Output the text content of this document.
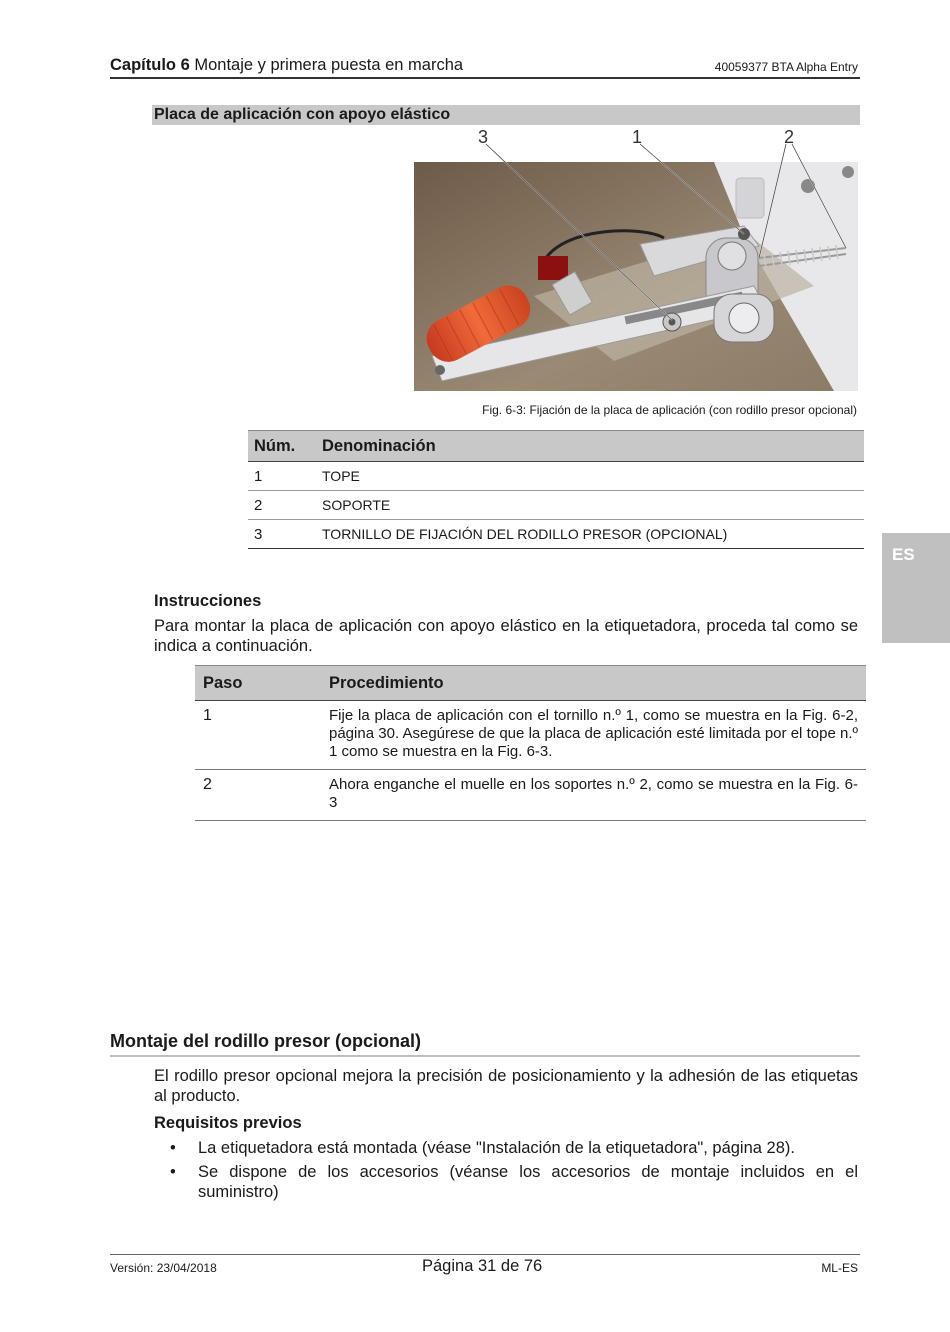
Capítulo 6 Montaje y primera puesta en marcha	40059377 BTA Alpha Entry
Placa de aplicación con apoyo elástico
3	1	2
Fig. 6-3: Fijación de la placa de aplicación (con rodillo presor opcional)
Núm.	Denominación
1	TOPE
2	SOPORTE
3	TORNILLO DE FIJACIÓN DEL RODILLO PRESOR (OPCIONAL)
ES
Instrucciones
Para montar la placa de aplicación con apoyo elástico en la etiquetadora, proceda tal como se indica a continuación.
Paso	Procedimiento
1	Fije la placa de aplicación con el tornillo n.º 1, como se muestra en la Fig. 6-2, página 30. Asegúrese de que la placa de aplicación esté limitada por el tope n.º 1 como se muestra en la Fig. 6-3.
2	Ahora enganche el muelle en los soportes n.º 2, como se muestra en la Fig. 6-3
Montaje del rodillo presor (opcional)
El rodillo presor opcional mejora la precisión de posicionamiento y la adhesión de las etiquetas al producto.
Requisitos previos
• La etiquetadora está montada (véase "Instalación de la etiquetadora", página 28).
• Se dispone de los accesorios (véanse los accesorios de montaje incluidos en el suministro)
Versión: 23/04/2018	Página 31 de 76	ML-ES
